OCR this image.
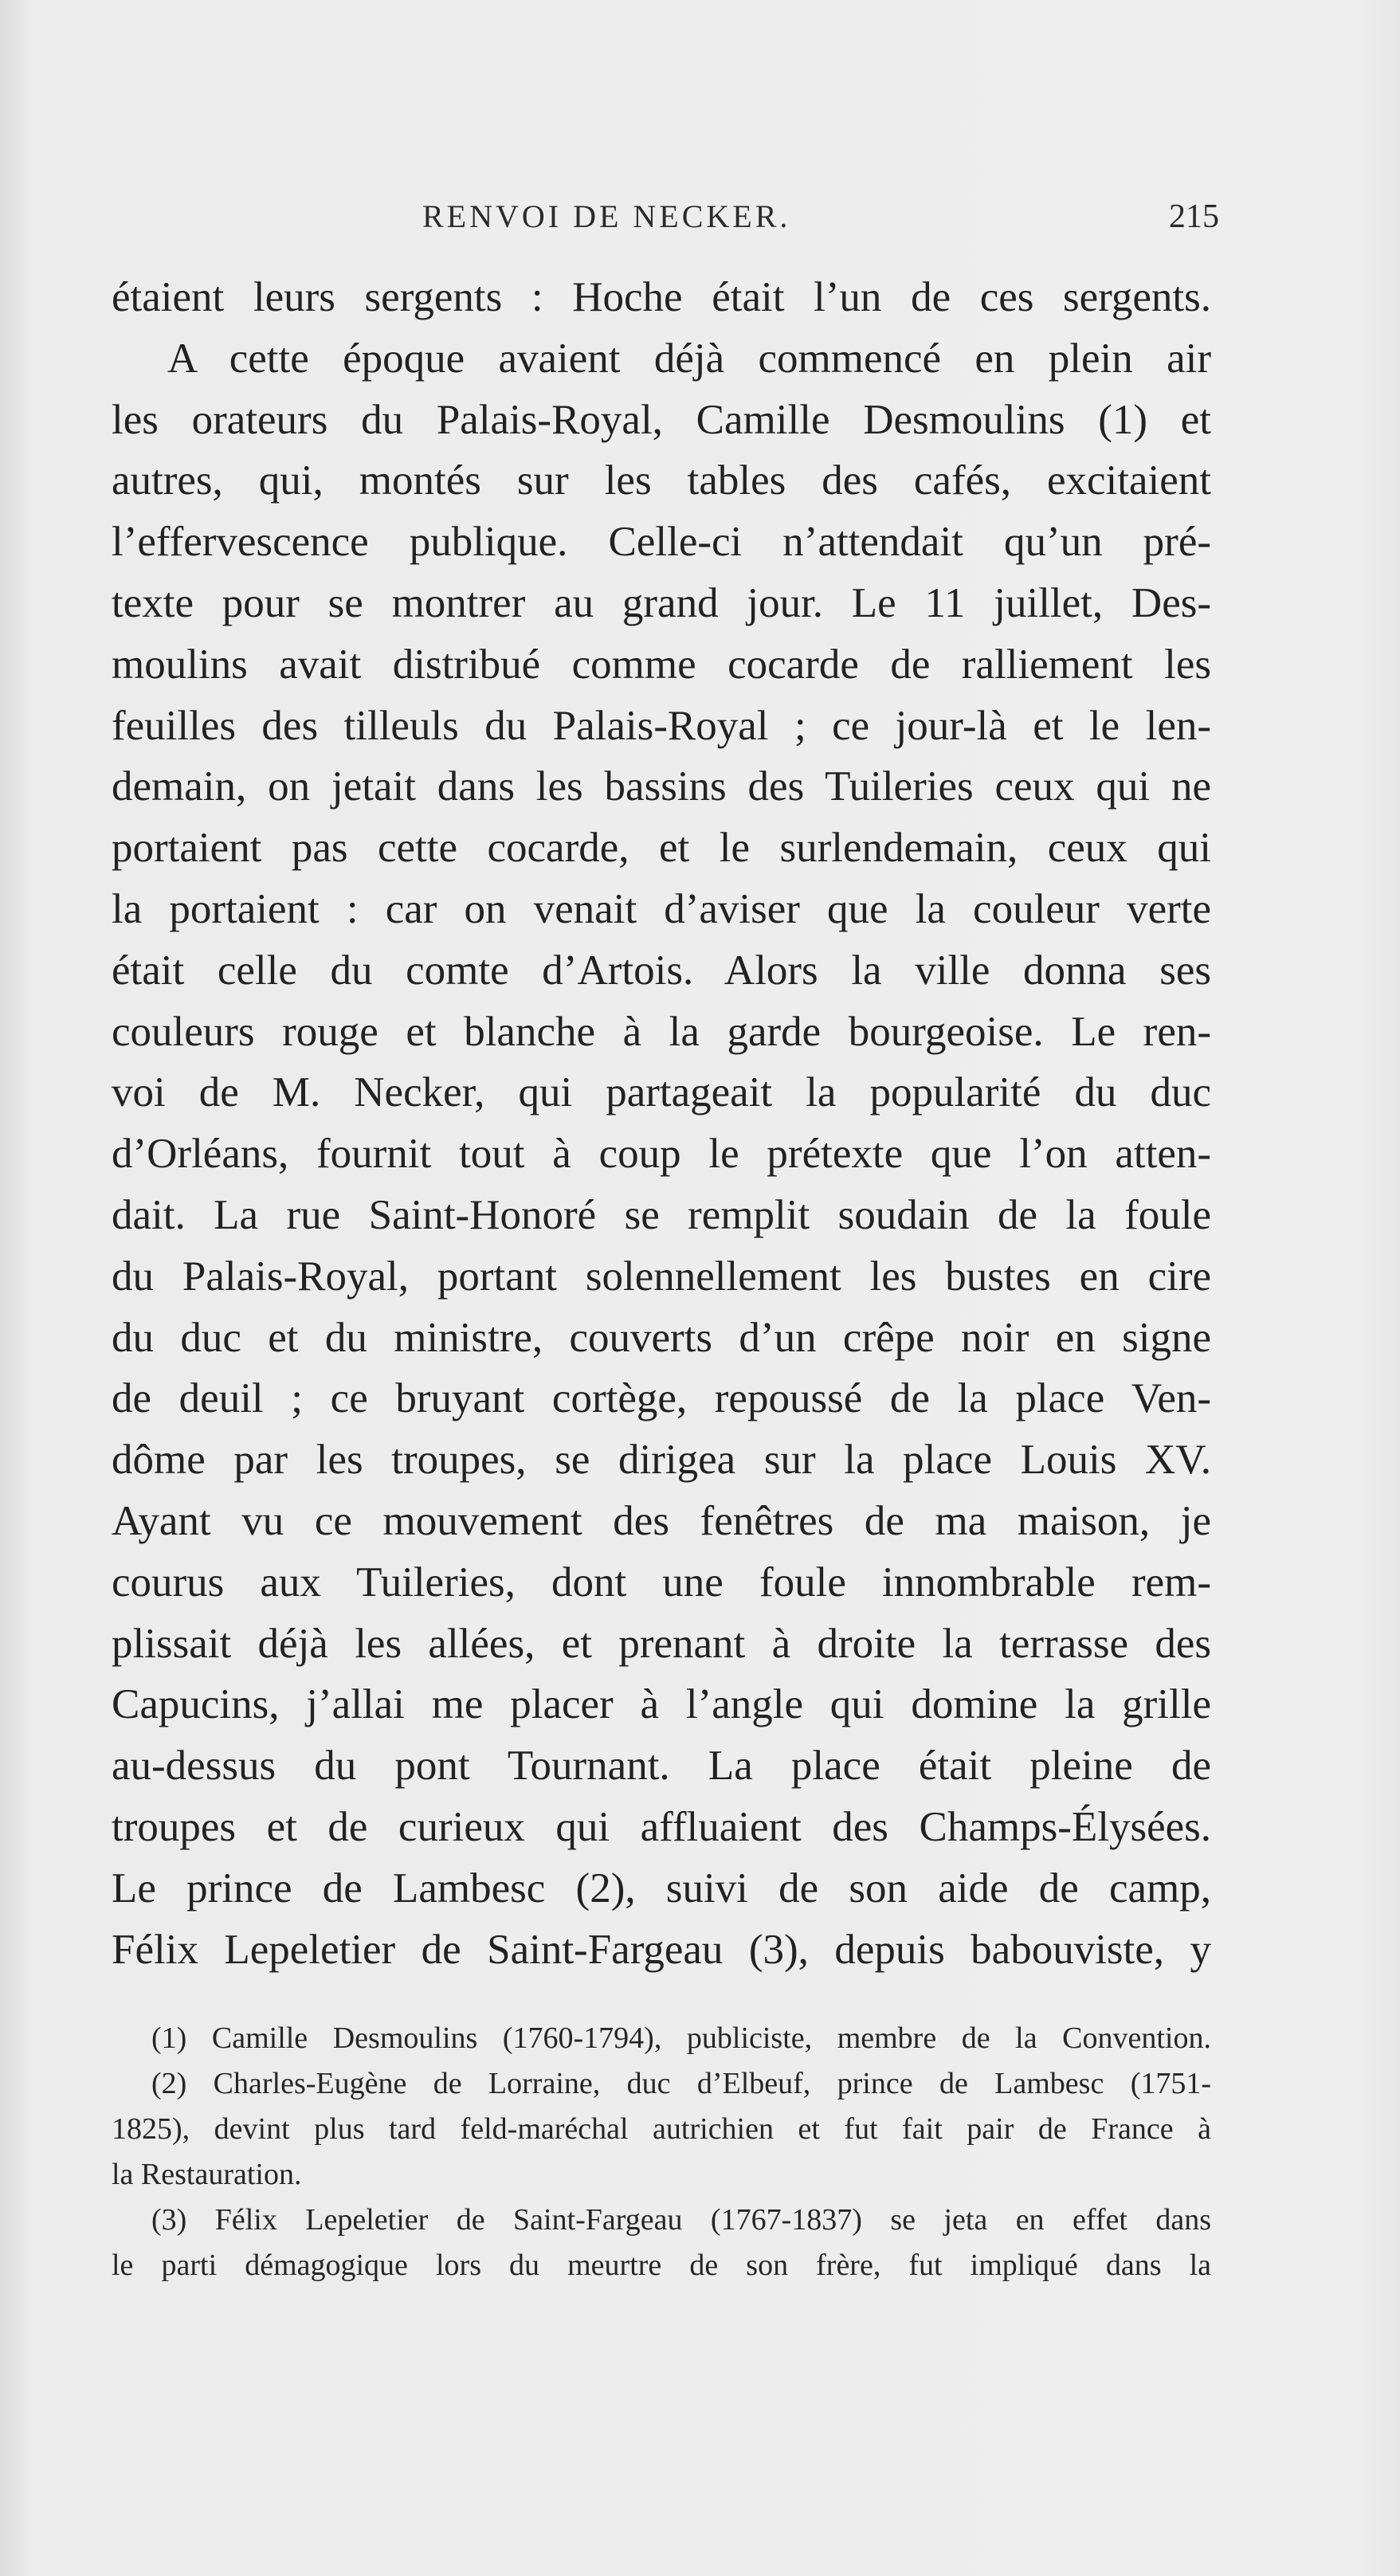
RENVOI DE NECKER.	215
étaient leurs sergents : Hoche était l’un de ces sergents.
A cette époque avaient déjà commencé en plein air
les orateurs du Palais-Royal, Camille Desmoulins (1) et
autres, qui, montés sur les tables des cafés, excitaient
l’effervescence publique. Celle-ci n’attendait qu’un pré-
texte pour se montrer au grand jour. Le 11 juillet, Des-
moulins avait distribué comme cocarde de ralliement les
feuilles des tilleuls du Palais-Royal ; ce jour-là et le len-
demain, on jetait dans les bassins des Tuileries ceux qui ne
portaient pas cette cocarde, et le surlendemain, ceux qui
la portaient : car on venait d’aviser que la couleur verte
était celle du comte d’Artois. Alors la ville donna ses
couleurs rouge et blanche à la garde bourgeoise. Le ren-
voi de M. Necker, qui partageait la popularité du duc
d’Orléans, fournit tout à coup le prétexte que l’on atten-
dait. La rue Saint-Honoré se remplit soudain de la foule
du Palais-Royal, portant solennellement les bustes en cire
du duc et du ministre, couverts d’un crêpe noir en signe
de deuil ; ce bruyant cortège, repoussé de la place Ven-
dôme par les troupes, se dirigea sur la place Louis XV.
Ayant vu ce mouvement des fenêtres de ma maison, je
courus aux Tuileries, dont une foule innombrable rem-
plissait déjà les allées, et prenant à droite la terrasse des
Capucins, j’allai me placer à l’angle qui domine la grille
au-dessus du pont Tournant. La place était pleine de
troupes et de curieux qui affluaient des Champs-Élysées.
Le prince de Lambesc (2), suivi de son aide de camp,
Félix Lepeletier de Saint-Fargeau (3), depuis babouviste, y
(1) Camille Desmoulins (1760-1794), publiciste, membre de la Convention.
(2) Charles-Eugène de Lorraine, duc d’Elbeuf, prince de Lambesc (1751-
1825), devint plus tard feld-maréchal autrichien et fut fait pair de France à
la Restauration.
(3) Félix Lepeletier de Saint-Fargeau (1767-1837) se jeta en effet dans
le parti démagogique lors du meurtre de son frère, fut impliqué dans la
